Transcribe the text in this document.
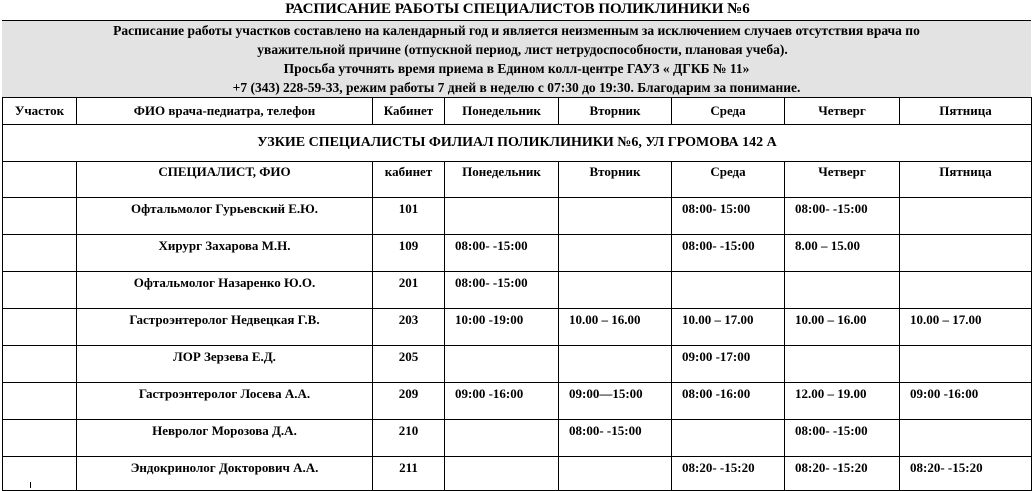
РАСПИСАНИЕ РАБОТЫ СПЕЦИАЛИСТОВ ПОЛИКЛИНИКИ №6
Расписание работы участков составлено на календарный год и является неизменным за исключением случаев отсутствия врача по
уважительной причине (отпускной период, лист нетрудоспособности, плановая учеба).
Просьба уточнять время приема в Едином колл-центре ГАУЗ « ДГКБ № 11»
+7 (343) 228-59-33, режим работы 7 дней в неделю с 07:30 до 19:30. Благодарим за понимание.
Участок	ФИО врача-педиатра, телефон	Кабинет	Понедельник	Вторник	Среда	Четверг	Пятница
УЗКИЕ СПЕЦИАЛИСТЫ ФИЛИАЛ ПОЛИКЛИНИКИ №6, УЛ ГРОМОВА 142 А							
	СПЕЦИАЛИСТ, ФИО	кабинет	Понедельник	Вторник	Среда	Четверг	Пятница
	Офтальмолог Гурьевский Е.Ю.	101			08:00- 15:00	08:00- -15:00	
	Хирург Захарова М.Н.	109	08:00- -15:00		08:00- -15:00	8.00 – 15.00	
	Офтальмолог Назаренко Ю.О.	201	08:00- -15:00				
	Гастроэнтеролог Недвецкая Г.В.	203	10:00 -19:00	10.00 – 16.00	10.00 – 17.00	10.00 – 16.00	10.00 – 17.00
	ЛОР Зерзева Е.Д.	205			09:00 -17:00		
	Гастроэнтеролог Лосева А.А.	209	09:00 -16:00	09:00—15:00	08:00 -16:00	12.00 – 19.00	09:00 -16:00
	Невролог Морозова Д.А.	210		08:00- -15:00		08:00- -15:00	
	Эндокринолог Докторович А.А.	211			08:20- -15:20	08:20- -15:20	08:20- -15:20
